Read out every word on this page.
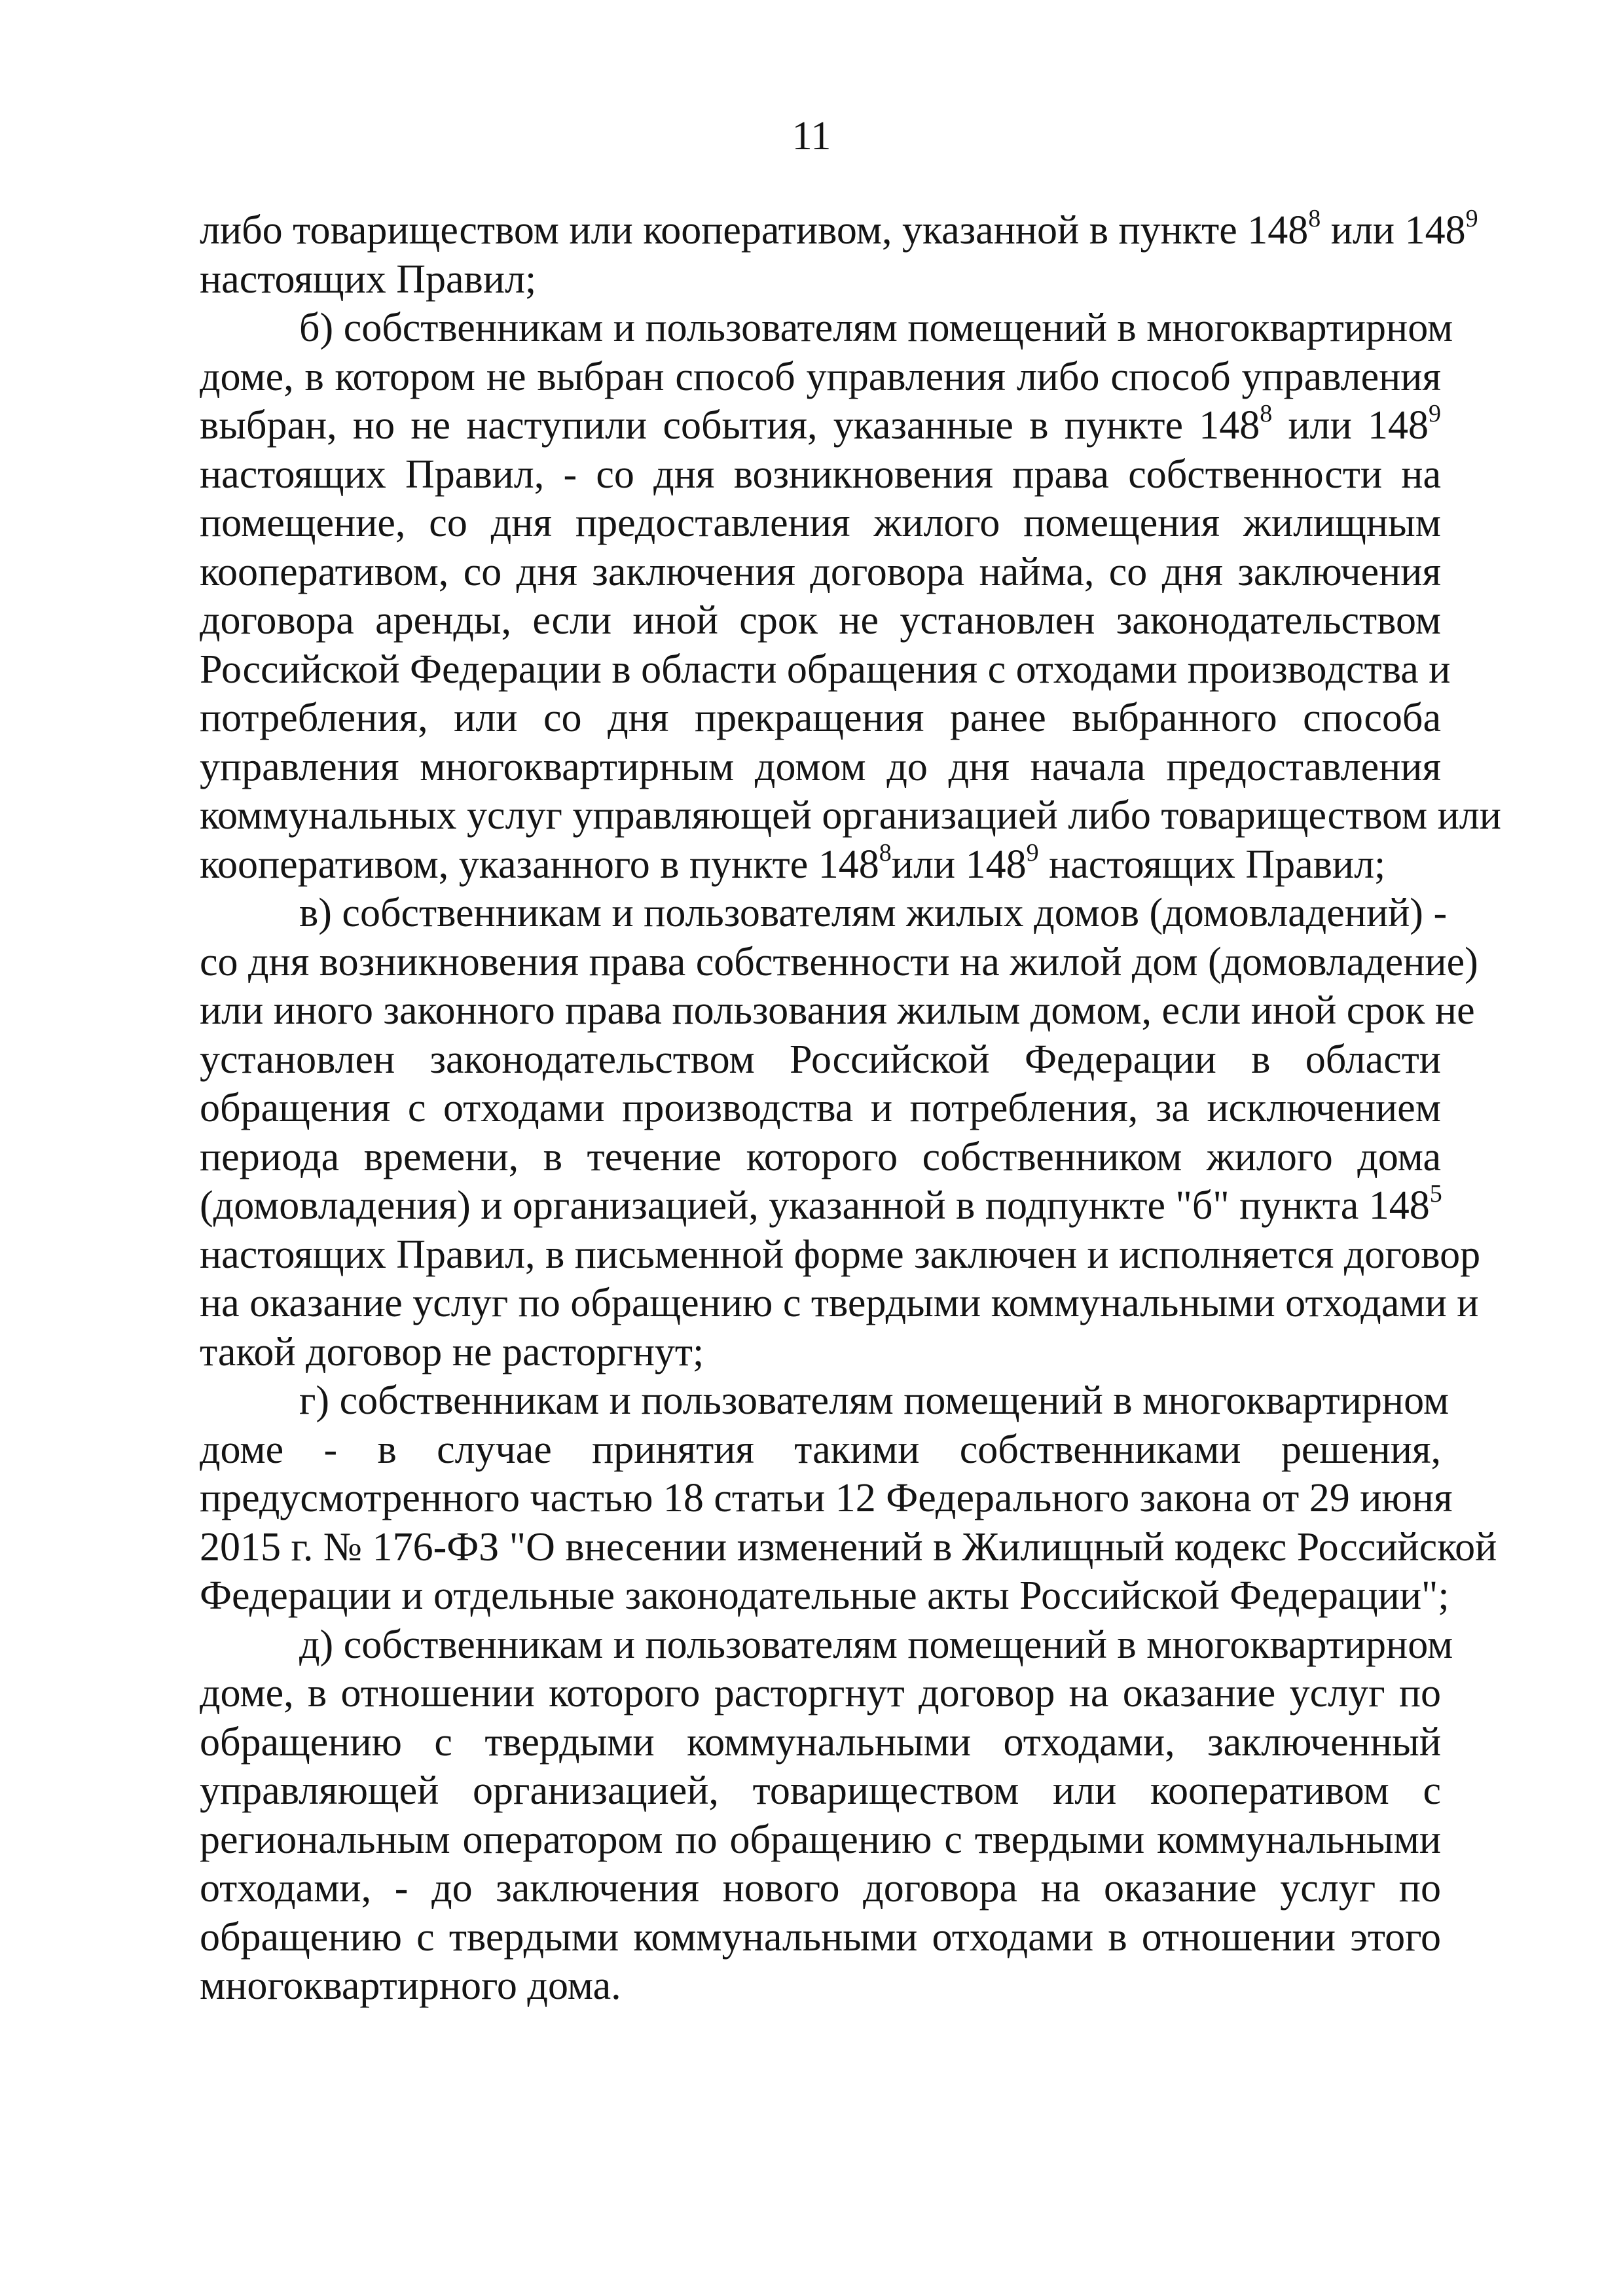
11
либо товариществом или кооперативом, указанной в пункте $148^8$ или $148^9$
настоящих Правил;
б) собственникам и пользователям помещений в многоквартирном
доме, в котором не выбран способ управления либо способ управления
выбран, но не наступили события, указанные в пункте $148^8$ или $148^9$
настоящих Правил, - со дня возникновения права собственности на
помещение, со дня предоставления жилого помещения жилищным
кооперативом, со дня заключения договора найма, со дня заключения
договора аренды, если иной срок не установлен законодательством
Российской Федерации в области обращения с отходами производства и
потребления, или со дня прекращения ранее выбранного способа
управления многоквартирным домом до дня начала предоставления
коммунальных услуг управляющей организацией либо товариществом или
кооперативом, указанного в пункте $148^8или$ $148^9$ настоящих Правил;
в) собственникам и пользователям жилых домов (домовладений) -
со дня возникновения права собственности на жилой дом (домовладение)
или иного законного права пользования жилым домом, если иной срок не
установлен законодательством Российской Федерации в области
обращения с отходами производства и потребления, за исключением
периода времени, в течение которого собственником жилого дома
(домовладения) и организацией, указанной в подпункте "б" пункта $148^5$
настоящих Правил, в письменной форме заключен и исполняется договор
на оказание услуг по обращению с твердыми коммунальными отходами и
такой договор не расторгнут;
г) собственникам и пользователям помещений в многоквартирном
доме - в случае принятия такими собственниками решения,
предусмотренного частью 18 статьи 12 Федерального закона от 29 июня
2015 г. № 176-ФЗ "О внесении изменений в Жилищный кодекс Российской
Федерации и отдельные законодательные акты Российской Федерации";
д) собственникам и пользователям помещений в многоквартирном
доме, в отношении которого расторгнут договор на оказание услуг по
обращению с твердыми коммунальными отходами, заключенный
управляющей организацией, товариществом или кооперативом с
региональным оператором по обращению с твердыми коммунальными
отходами, - до заключения нового договора на оказание услуг по
обращению с твердыми коммунальными отходами в отношении этого
многоквартирного дома.
